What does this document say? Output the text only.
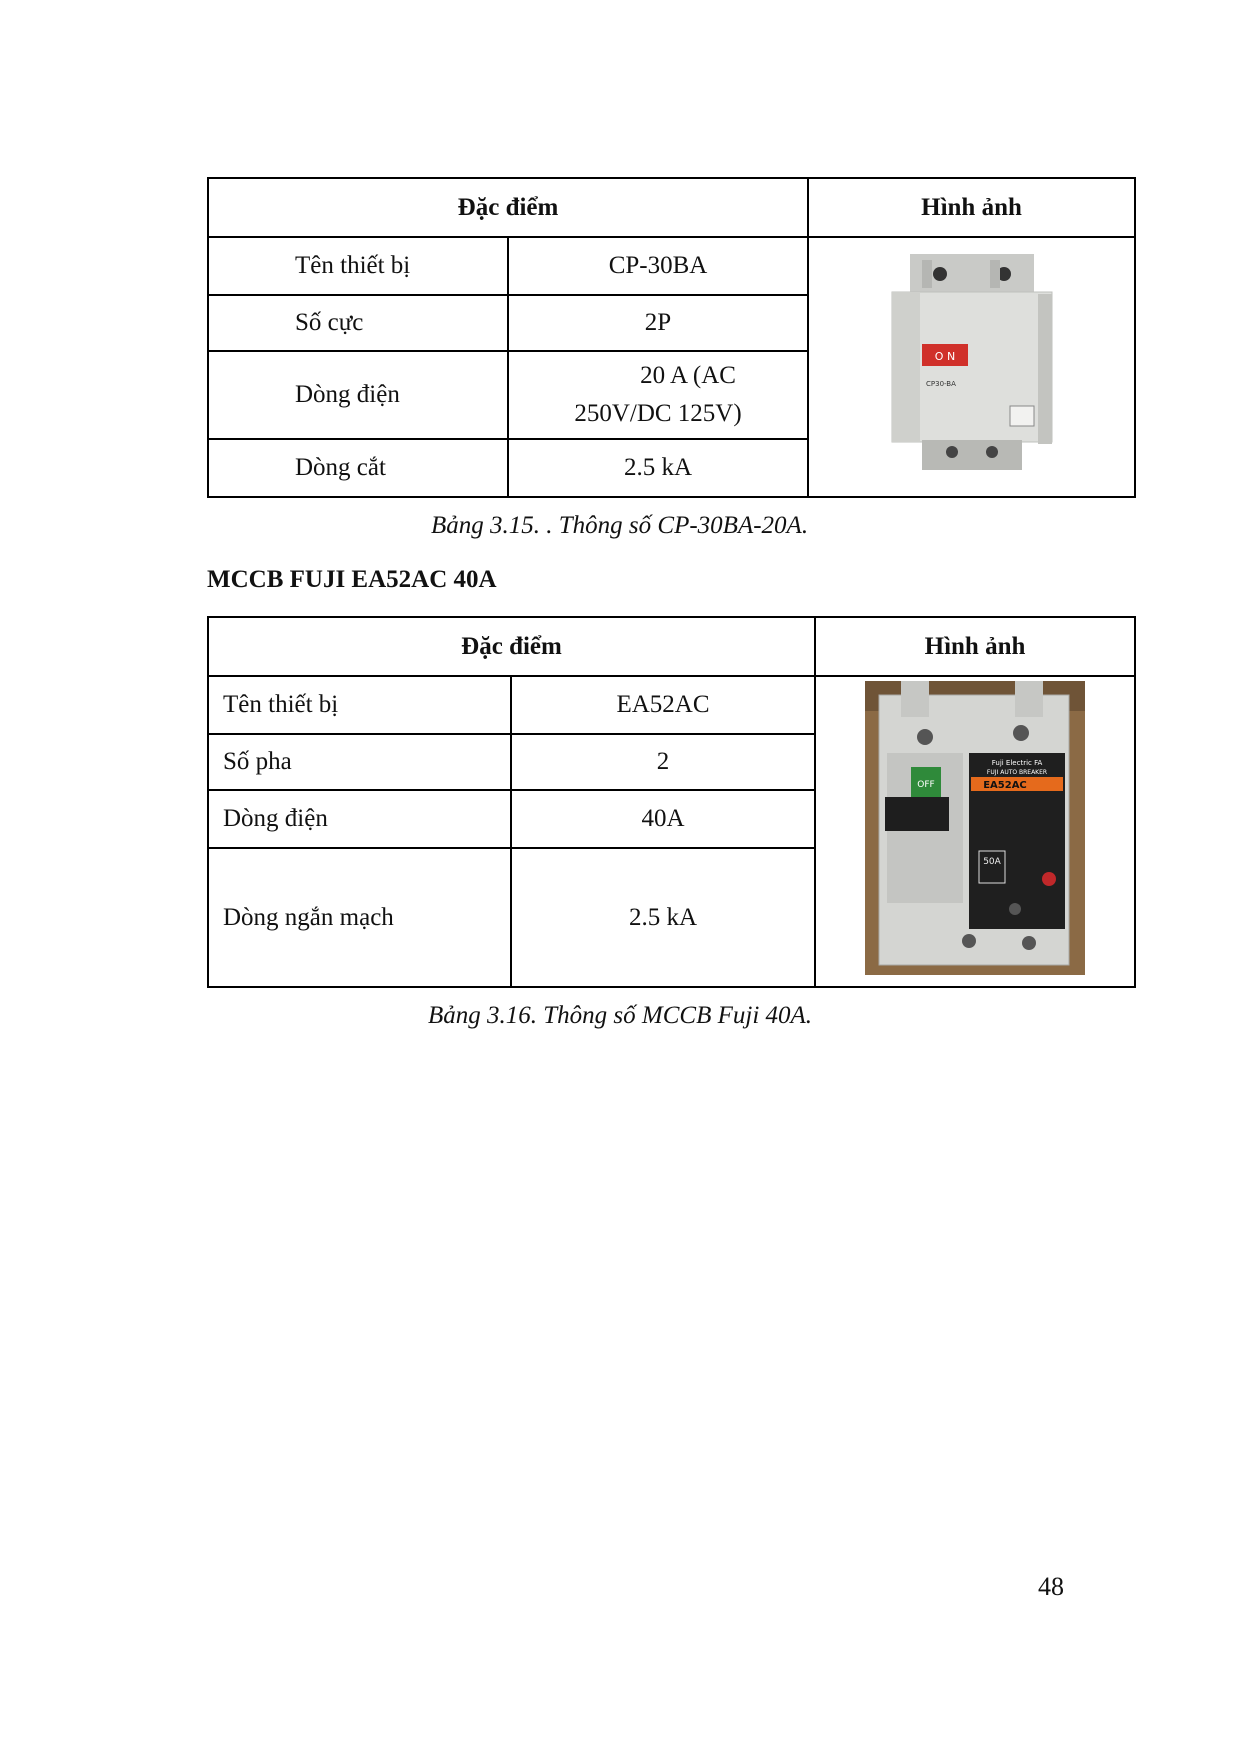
Đặc điểm		Hình ảnh
Tên thiết bị	CP-30BA	O N
CP30-BA

Số cực	2P	
Dòng điện	20 A (AC
250V/DC 125V)	

Dòng cắt	2.5 kA	
Bảng 3.15. . Thông số CP-30BA-20A.
MCCB FUJI EA52AC 40A
Đặc điểm		Hình ảnh
Tên thiết bị	EA52AC	OFF
Fuji Electric FA
FUJI AUTO BREAKER
EA52AC
50A

Số pha	2	
Dòng điện	40A	
Dòng ngắn mạch	2.5 kA	
Bảng 3.16. Thông số MCCB Fuji 40A.
48
